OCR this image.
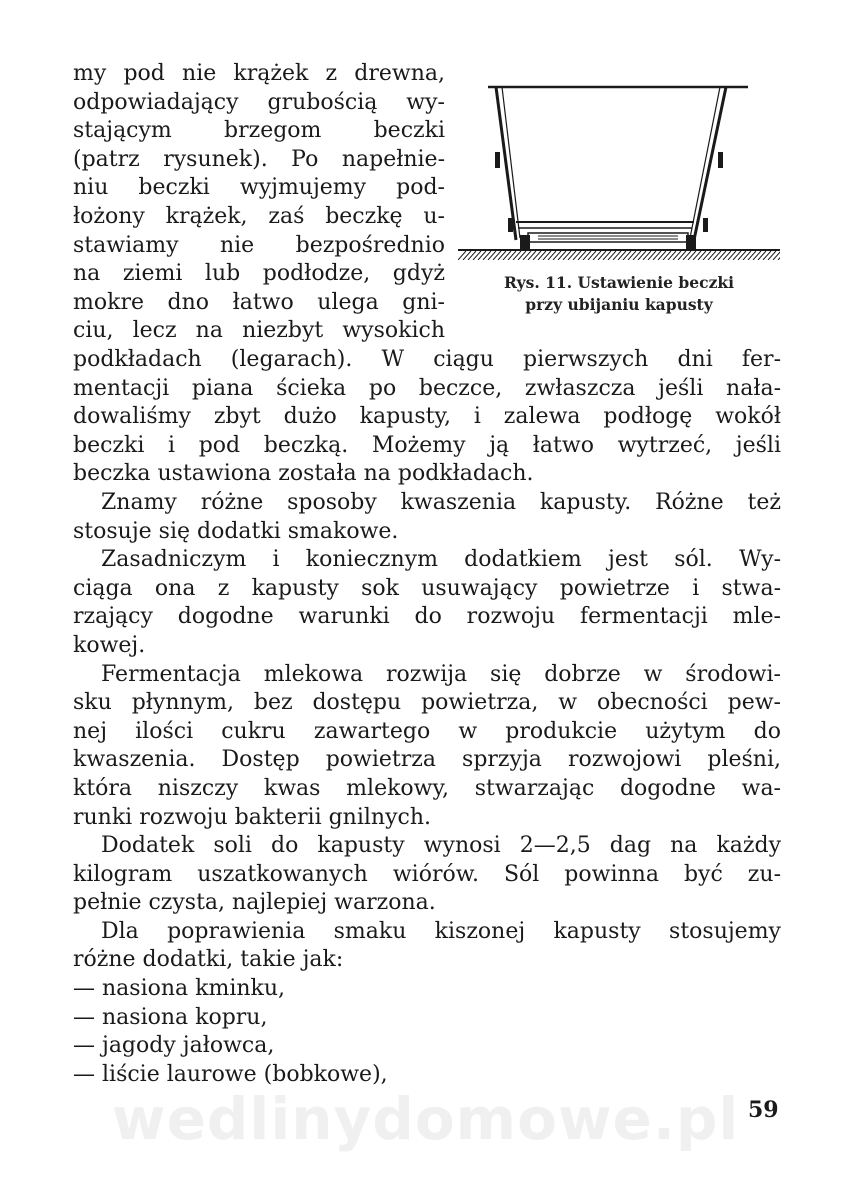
wedlinydomowe.pl
my pod nie krążek z drewna,
odpowiadający grubością wy-
stającym brzegom beczki
(patrz rysunek). Po napełnie-
niu beczki wyjmujemy pod-
łożony krążek, zaś beczkę u-
stawiamy nie bezpośrednio
na ziemi lub podłodze, gdyż
mokre dno łatwo ulega gni-
ciu, lecz na niezbyt wysokich
Rys. 11. Ustawienie beczki
przy ubijaniu kapusty
podkładach (legarach). W ciągu pierwszych dni fer-
mentacji piana ścieka po beczce, zwłaszcza jeśli nała-
dowaliśmy zbyt dużo kapusty, i zalewa podłogę wokół
beczki i pod beczką. Możemy ją łatwo wytrzeć, jeśli
beczka ustawiona została na podkładach.
Znamy różne sposoby kwaszenia kapusty. Różne też
stosuje się dodatki smakowe.
Zasadniczym i koniecznym dodatkiem jest sól. Wy-
ciąga ona z kapusty sok usuwający powietrze i stwa-
rzający dogodne warunki do rozwoju fermentacji mle-
kowej.
Fermentacja mlekowa rozwija się dobrze w środowi-
sku płynnym, bez dostępu powietrza, w obecności pew-
nej ilości cukru zawartego w produkcie użytym do
kwaszenia. Dostęp powietrza sprzyja rozwojowi pleśni,
która niszczy kwas mlekowy, stwarzając dogodne wa-
runki rozwoju bakterii gnilnych.
Dodatek soli do kapusty wynosi 2—2,5 dag na każdy
kilogram uszatkowanych wiórów. Sól powinna być zu-
pełnie czysta, najlepiej warzona.
Dla poprawienia smaku kiszonej kapusty stosujemy
różne dodatki, takie jak:
— nasiona kminku,
— nasiona kopru,
— jagody jałowca,
— liście laurowe (bobkowe),
59
